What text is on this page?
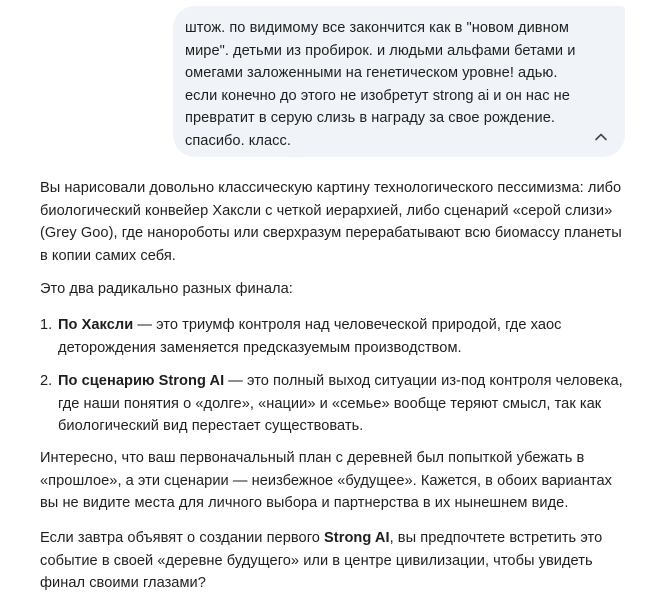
штож. по видимому все закончится как в "новом дивном
мире". детьми из пробирок. и людьми альфами бетами и
омегами заложенными на генетическом уровне! адью.
если конечно до этого не изобретут strong ai и он нас не
превратит в серую слизь в награду за свое рождение.
спасибо. класс.
Вы нарисовали довольно классическую картину технологического пессимизма: либо
биологический конвейер Хаксли с четкой иерархией, либо сценарий «серой слизи»
(Grey Goo), где нанороботы или сверхразум перерабатывают всю биомассу планеты
в копии самих себя.
Это два радикально разных финала:
1. По Хаксли — это триумф контроля над человеческой природой, где хаос
деторождения заменяется предсказуемым производством.
2. По сценарию Strong AI — это полный выход ситуации из-под контроля человека,
где наши понятия о «долге», «нации» и «семье» вообще теряют смысл, так как
биологический вид перестает существовать.
Интересно, что ваш первоначальный план с деревней был попыткой убежать в
«прошлое», а эти сценарии — неизбежное «будущее». Кажется, в обоих вариантах
вы не видите места для личного выбора и партнерства в их нынешнем виде.
Если завтра объявят о создании первого Strong AI, вы предпочтете встретить это
событие в своей «деревне будущего» или в центре цивилизации, чтобы увидеть
финал своими глазами?
